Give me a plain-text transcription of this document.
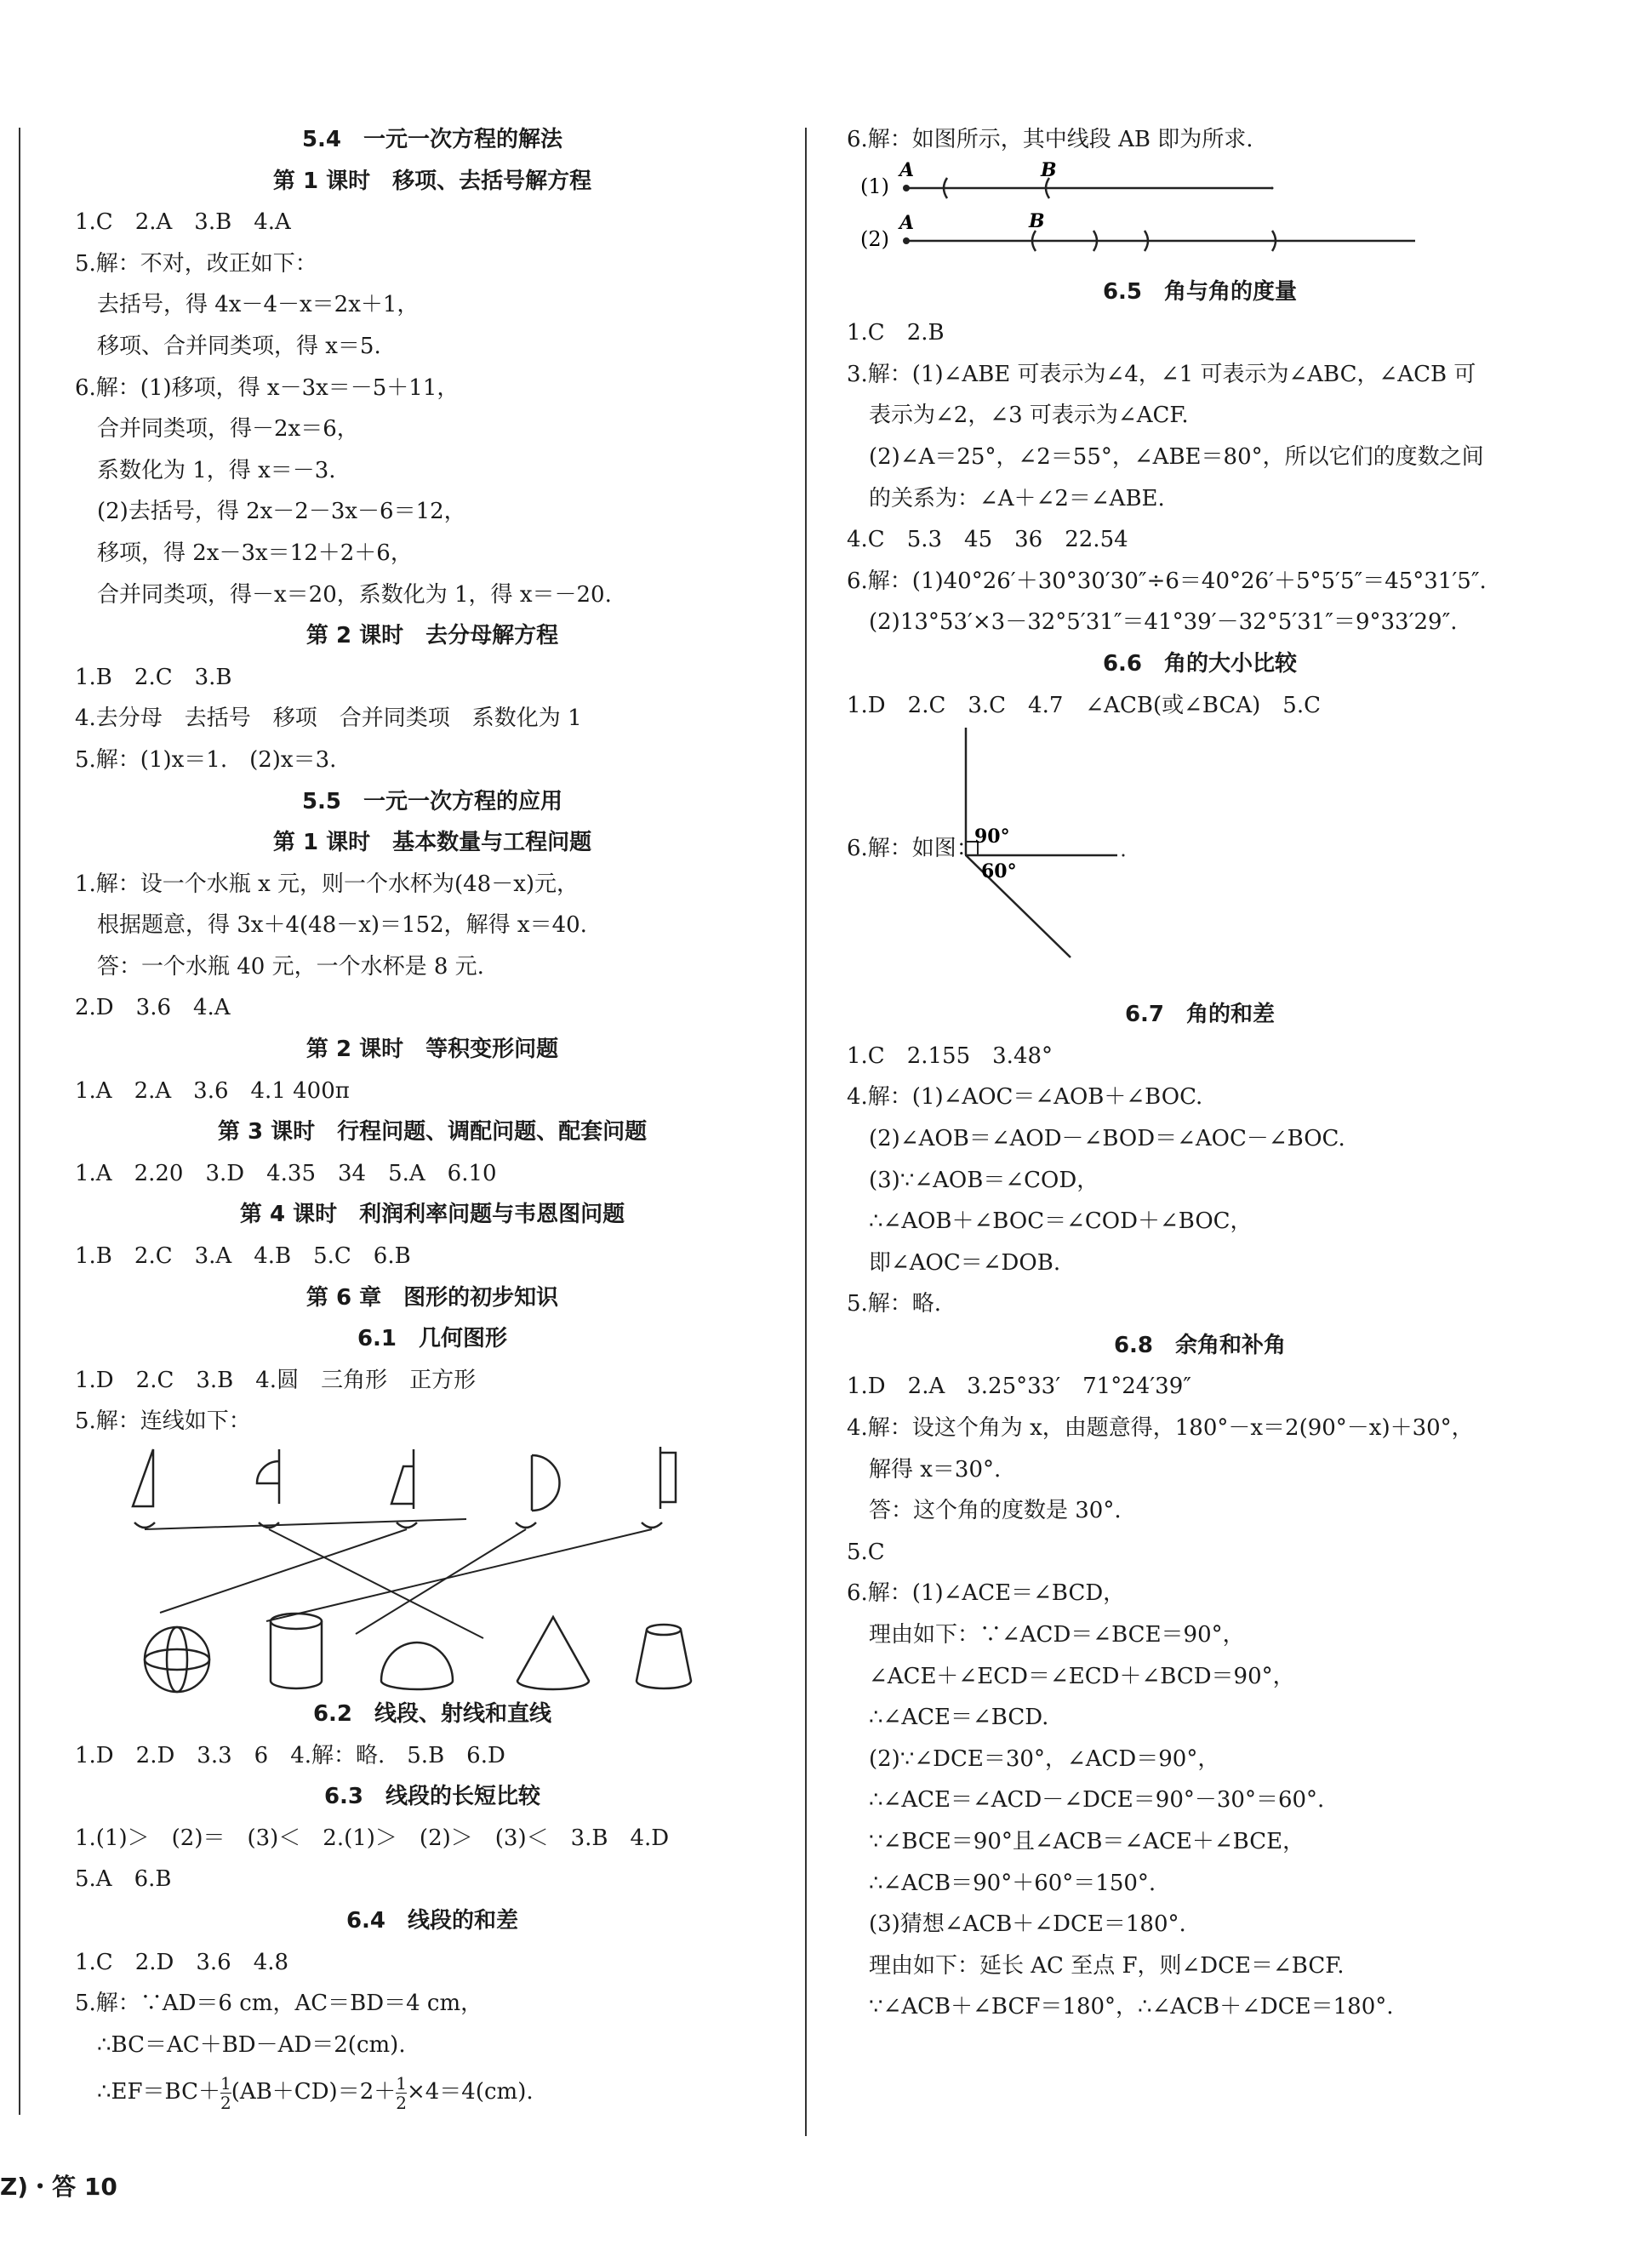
5.4　一元一次方程的解法
第 1 课时　移项、去括号解方程
1.C　2.A　3.B　4.A
5.解：不对，改正如下：
去括号，得 4x－4－x＝2x＋1，
移项、合并同类项，得 x＝5.
6.解：(1)移项，得 x－3x＝－5＋11，
合并同类项，得－2x＝6，
系数化为 1，得 x＝－3.
(2)去括号，得 2x－2－3x－6＝12，
移项，得 2x－3x＝12＋2＋6，
合并同类项，得－x＝20，系数化为 1，得 x＝－20.
第 2 课时　去分母解方程
1.B　2.C　3.B
4.去分母　去括号　移项　合并同类项　系数化为 1
5.解：(1)x＝1.　(2)x＝3.
5.5　一元一次方程的应用
第 1 课时　基本数量与工程问题
1.解：设一个水瓶 x 元，则一个水杯为(48－x)元，
根据题意，得 3x＋4(48－x)＝152，解得 x＝40.
答：一个水瓶 40 元，一个水杯是 8 元.
2.D　3.6　4.A
第 2 课时　等积变形问题
1.A　2.A　3.6　4.1 400π
第 3 课时　行程问题、调配问题、配套问题
1.A　2.20　3.D　4.35　34　5.A　6.10
第 4 课时　利润利率问题与韦恩图问题
1.B　2.C　3.A　4.B　5.C　6.B
第 6 章　图形的初步知识
6.1　几何图形
1.D　2.C　3.B　4.圆　三角形　正方形
5.解：连线如下：
6.2　线段、射线和直线
1.D　2.D　3.3　6　4.解：略.　5.B　6.D
6.3　线段的长短比较
1.(1)＞　(2)＝　(3)＜　2.(1)＞　(2)＞　(3)＜　3.B　4.D
5.A　6.B
6.4　线段的和差
1.C　2.D　3.6　4.8
5.解：∵AD＝6 cm，AC＝BD＝4 cm，
∴BC＝AC＋BD－AD＝2(cm).
∴EF＝BC＋ $\frac{1}{2} (AB+CD)=2+ \frac{1}{2} \times 4=4(cm)$.
6.解：如图所示，其中线段 AB 即为所求.
(1)
A	B
(2)
A	B
6.5　角与角的度量
1.C　2.B
3.解：(1)∠ABE 可表示为∠4，∠1 可表示为∠ABC，∠ACB 可
表示为∠2，∠3 可表示为∠ACF.
(2)∠A＝25°，∠2＝55°，∠ABE＝80°，所以它们的度数之间
的关系为：∠A＋∠2＝∠ABE.
4.C　5.3　45　36　22.54
6.解：(1)40°26′＋30°30′30″÷6＝40°26′＋5°5′5″＝45°31′5″.
(2)13°53′×3－32°5′31″＝41°39′－32°5′31″＝9°33′29″.
6.6　角的大小比较
1.D　2.C　3.C　4.7　∠ACB(或∠BCA)　5.C
6.解：如图：
90°
60°
6.7　角的和差
1.C　2.155　3.48°
4.解：(1)∠AOC＝∠AOB＋∠BOC.
(2)∠AOB＝∠AOD－∠BOD＝∠AOC－∠BOC.
(3)∵∠AOB＝∠COD，
∴∠AOB＋∠BOC＝∠COD＋∠BOC，
即∠AOC＝∠DOB.
5.解：略.
6.8　余角和补角
1.D　2.A　3.25°33′　71°24′39″
4.解：设这个角为 x，由题意得，180°－x＝2(90°－x)＋30°，
解得 x＝30°.
答：这个角的度数是 30°.
5.C
6.解：(1)∠ACE＝∠BCD，
理由如下：∵∠ACD＝∠BCE＝90°，
∠ACE＋∠ECD＝∠ECD＋∠BCD＝90°，
∴∠ACE＝∠BCD.
(2)∵∠DCE＝30°，∠ACD＝90°，
∴∠ACE＝∠ACD－∠DCE＝90°－30°＝60°.
∵∠BCE＝90°且∠ACB＝∠ACE＋∠BCE，
∴∠ACB＝90°＋60°＝150°.
(3)猜想∠ACB＋∠DCE＝180°.
理由如下：延长 AC 至点 F，则∠DCE＝∠BCF.
∵∠ACB＋∠BCF＝180°，∴∠ACB＋∠DCE＝180°.
Z)・答 10
